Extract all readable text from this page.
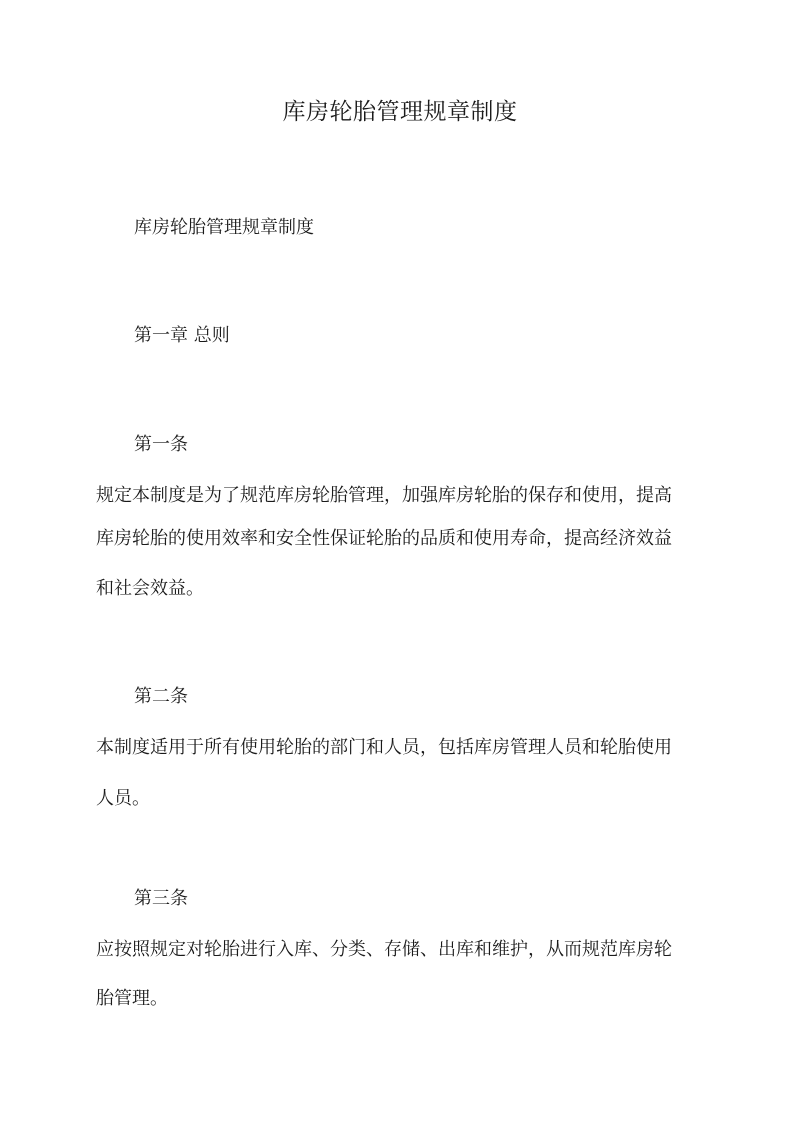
库房轮胎管理规章制度
库房轮胎管理规章制度
第一章 总则
第一条
规定本制度是为了规范库房轮胎管理，加强库房轮胎的保存和使用，提高
库房轮胎的使用效率和安全性保证轮胎的品质和使用寿命，提高经济效益
和社会效益。
第二条
本制度适用于所有使用轮胎的部门和人员，包括库房管理人员和轮胎使用
人员。
第三条
应按照规定对轮胎进行入库、分类、存储、出库和维护，从而规范库房轮
胎管理。
